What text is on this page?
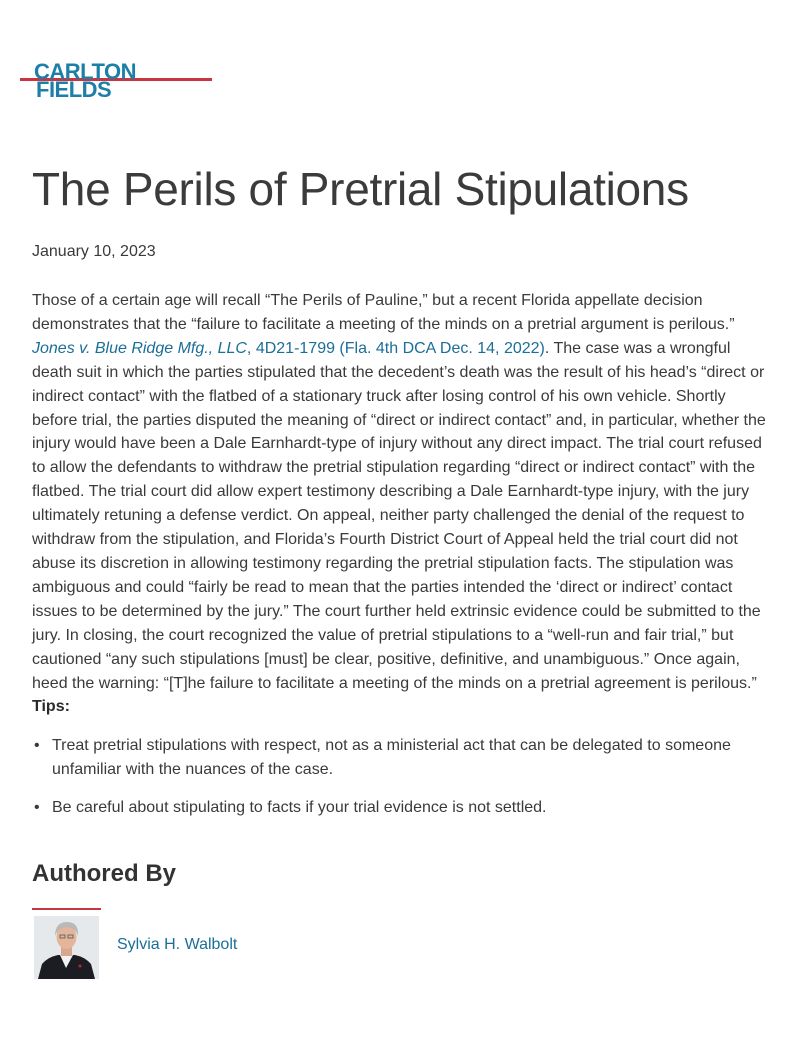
CARLTON
FIELDS
The Perils of Pretrial Stipulations
January 10, 2023

Those of a certain age will recall “The Perils of Pauline,” but a recent Florida appellate decision demonstrates that the “failure to facilitate a meeting of the minds on a pretrial argument is perilous.” Jones v. Blue Ridge Mfg., LLC, 4D21-1799 (Fla. 4th DCA Dec. 14, 2022). The case was a wrongful death suit in which the parties stipulated that the decedent’s death was the result of his head’s “direct or indirect contact” with the flatbed of a stationary truck after losing control of his own vehicle. Shortly before trial, the parties disputed the meaning of “direct or indirect contact” and, in particular, whether the injury would have been a Dale Earnhardt-type of injury without any direct impact. The trial court refused to allow the defendants to withdraw the pretrial stipulation regarding “direct or indirect contact” with the flatbed. The trial court did allow expert testimony describing a Dale Earnhardt-type injury, with the jury ultimately retuning a defense verdict. On appeal, neither party challenged the denial of the request to withdraw from the stipulation, and Florida’s Fourth District Court of Appeal held the trial court did not abuse its discretion in allowing testimony regarding the pretrial stipulation facts. The stipulation was ambiguous and could “fairly be read to mean that the parties intended the ‘direct or indirect’ contact issues to be determined by the jury.” The court further held extrinsic evidence could be submitted to the jury. In closing, the court recognized the value of pretrial stipulations to a “well-run and fair trial,” but cautioned “any such stipulations [must] be clear, positive, definitive, and unambiguous.” Once again, heed the warning: “[T]he failure to facilitate a meeting of the minds on a pretrial agreement is perilous.” Tips:

• Treat pretrial stipulations with respect, not as a ministerial act that can be delegated to someone unfamiliar with the nuances of the case.
• Be careful about stipulating to facts if your trial evidence is not settled.
Authored By
Sylvia H. Walbolt
